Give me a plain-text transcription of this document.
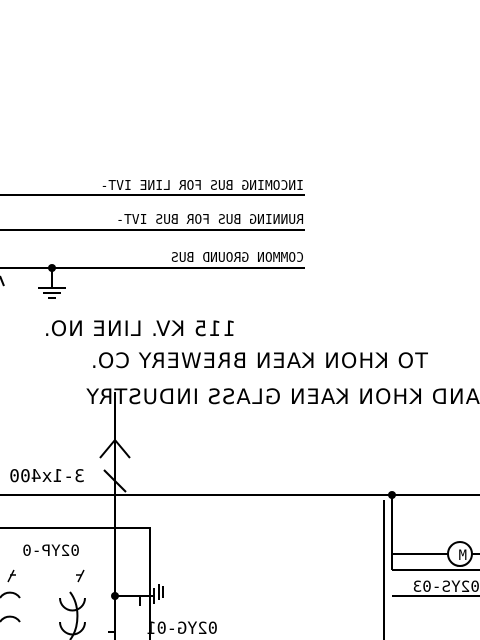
INCOMING BUS FOR LINE IVT-
RUNNING BUS FOR BUS IVT-
COMMON GROUND BUS
115 KV. LINE NO.
TO KHON KAEN BREWERY CO.
AND KHON KAEN GLASS INDUSTRY
3-1x400
02YP-0
02YG-01
M
02YS-03
